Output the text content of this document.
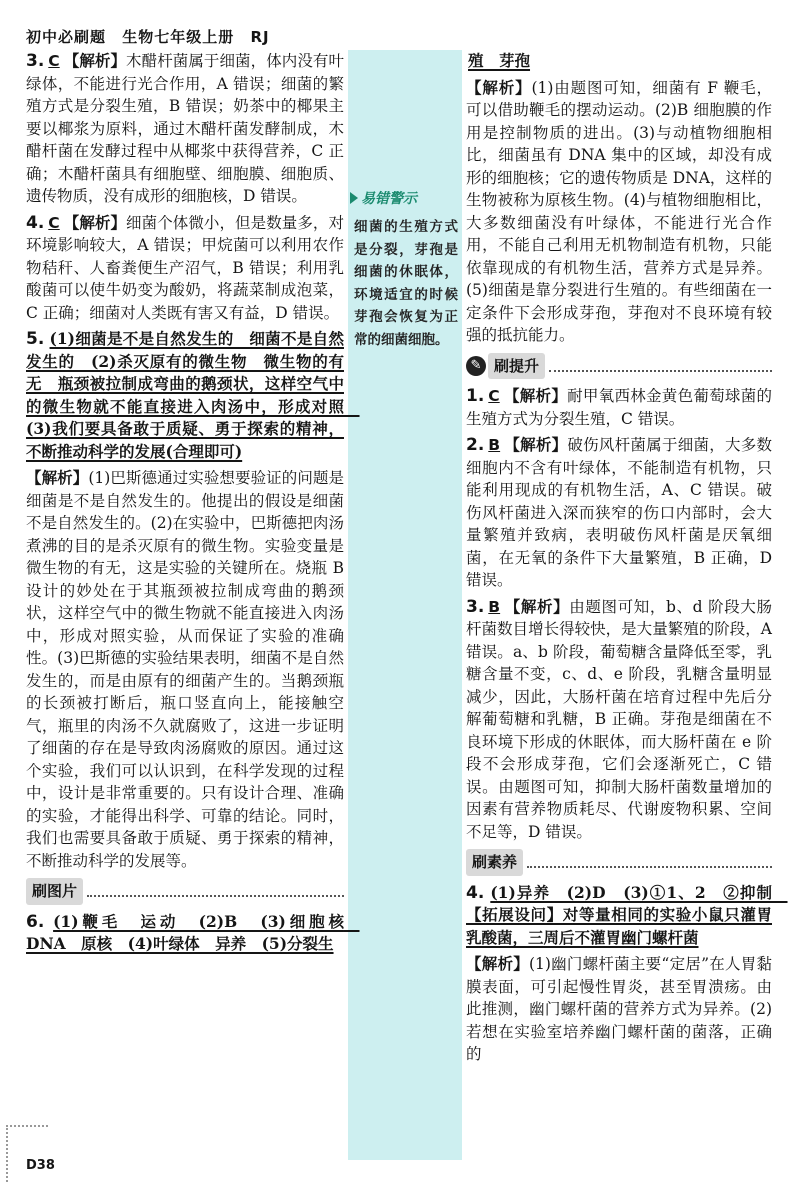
初中必刷题 生物七年级上册 RJ

3. C 【解析】木醋杆菌属于细菌，体内没有叶绿体，不能进行光合作用，A 错误；细菌的繁殖方式是分裂生殖，B 错误；奶茶中的椰果主要以椰浆为原料，通过木醋杆菌发酵制成，木醋杆菌在发酵过程中从椰浆中获得营养，C 正确；木醋杆菌具有细胞壁、细胞膜、细胞质、遗传物质，没有成形的细胞核，D 错误。

4. C 【解析】细菌个体微小，但是数量多，对环境影响较大，A 错误；甲烷菌可以利用农作物秸秆、人畜粪便生产沼气，B 错误；利用乳酸菌可以使牛奶变为酸奶，将蔬菜制成泡菜，C 正确；细菌对人类既有害又有益，D 错误。

5. (1)细菌是不是自然发生的　细菌不是自然发生的　(2)杀灭原有的微生物　微生物的有无　瓶颈被拉制成弯曲的鹅颈状，这样空气中的微生物就不能直接进入肉汤中，形成对照　(3)我们要具备敢于质疑、勇于探索的精神，不断推动科学的发展(合理即可)

【解析】(1)巴斯德通过实验想要验证的问题是细菌是不是自然发生的。他提出的假设是细菌不是自然发生的。(2)在实验中，巴斯德把肉汤煮沸的目的是杀灭原有的微生物。实验变量是微生物的有无，这是实验的关键所在。烧瓶 B 设计的妙处在于其瓶颈被拉制成弯曲的鹅颈状，这样空气中的微生物就不能直接进入肉汤中，形成对照实验，从而保证了实验的准确性。(3)巴斯德的实验结果表明，细菌不是自然发生的，而是由原有的细菌产生的。当鹅颈瓶的长颈被打断后，瓶口竖直向上，能接触空气，瓶里的肉汤不久就腐败了，这进一步证明了细菌的存在是导致肉汤腐败的原因。通过这个实验，我们可以认识到，在科学发现的过程中，设计是非常重要的。只有设计合理、准确的实验，才能得出科学、可靠的结论。同时，我们也需要具备敢于质疑、勇于探索的精神，不断推动科学的发展等。

刷图片

6. (1)鞭毛　运动　(2)B　(3)细胞核　DNA　原核　(4)叶绿体　异养　(5)分裂生

易错警示
细菌的生殖方式是分裂，芽孢是细菌的休眠体，环境适宜的时候芽孢会恢复为正常的细菌细胞。

殖　芽孢

【解析】(1)由题图可知，细菌有 F 鞭毛，可以借助鞭毛的摆动运动。(2)B 细胞膜的作用是控制物质的进出。(3)与动植物细胞相比，细菌虽有 DNA 集中的区域，却没有成形的细胞核；它的遗传物质是 DNA，这样的生物被称为原核生物。(4)与植物细胞相比，大多数细菌没有叶绿体，不能进行光合作用，不能自己利用无机物制造有机物，只能依靠现成的有机物生活，营养方式是异养。(5)细菌是靠分裂进行生殖的。有些细菌在一定条件下会形成芽孢，芽孢对不良环境有较强的抵抗能力。

✎ 刷提升

1. C 【解析】耐甲氧西林金黄色葡萄球菌的生殖方式为分裂生殖，C 错误。

2. B 【解析】破伤风杆菌属于细菌，大多数细胞内不含有叶绿体，不能制造有机物，只能利用现成的有机物生活，A、C 错误。破伤风杆菌进入深而狭窄的伤口内部时，会大量繁殖并致病，表明破伤风杆菌是厌氧细菌，在无氧的条件下大量繁殖，B 正确，D 错误。

3. B 【解析】由题图可知，b、d 阶段大肠杆菌数目增长得较快，是大量繁殖的阶段，A 错误。a、b 阶段，葡萄糖含量降低至零，乳糖含量不变，c、d、e 阶段，乳糖含量明显减少，因此，大肠杆菌在培育过程中先后分解葡萄糖和乳糖，B 正确。芽孢是细菌在不良环境下形成的休眠体，而大肠杆菌在 e 阶段不会形成芽孢，它们会逐渐死亡，C 错误。由题图可知，抑制大肠杆菌数量增加的因素有营养物质耗尽、代谢废物积累、空间不足等，D 错误。

刷素养

4. (1)异养　(2)D　(3)①1、2　②抑制　【拓展设问】对等量相同的实验小鼠只灌胃乳酸菌，三周后不灌胃幽门螺杆菌

【解析】(1)幽门螺杆菌主要“定居”在人胃黏膜表面，可引起慢性胃炎，甚至胃溃疡。由此推测，幽门螺杆菌的营养方式为异养。(2)若想在实验室培养幽门螺杆菌的菌落，正确的

D38
